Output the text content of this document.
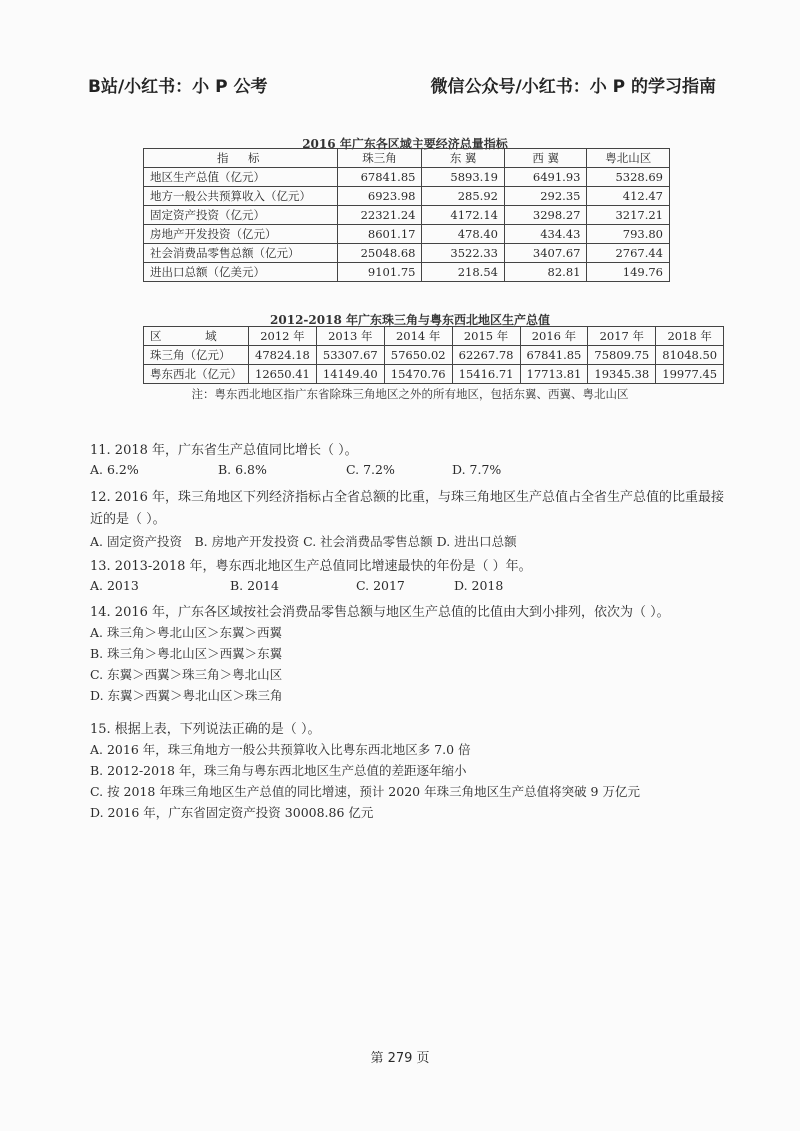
B站/小红书：小 P 公考	微信公众号/小红书：小 P 的学习指南
2016 年广东各区域主要经济总量指标
指　标	珠三角	东 翼	西 翼	粤北山区
地区生产总值（亿元）	67841.85	5893.19	6491.93	5328.69
地方一般公共预算收入（亿元）	6923.98	285.92	292.35	412.47
固定资产投资（亿元）	22321.24	4172.14	3298.27	3217.21
房地产开发投资（亿元）	8601.17	478.40	434.43	793.80
社会消费品零售总额（亿元）	25048.68	3522.33	3407.67	2767.44
进出口总额（亿美元）	9101.75	218.54	82.81	149.76
2012-2018 年广东珠三角与粤东西北地区生产总值
区 域	2012 年	2013 年	2014 年	2015 年	2016 年	2017 年	2018 年
珠三角（亿元）	47824.18	53307.67	57650.02	62267.78	67841.85	75809.75	81048.50
粤东西北（亿元）	12650.41	14149.40	15470.76	15416.71	17713.81	19345.38	19977.45
注：粤东西北地区指广东省除珠三角地区之外的所有地区，包括东翼、西翼、粤北山区
11. 2018 年，广东省生产总值同比增长（ ）。
A. 6.2%	B. 6.8%	C. 7.2%	D. 7.7%
12. 2016 年，珠三角地区下列经济指标占全省总额的比重，与珠三角地区生产总值占全省生产总值的比重最接近的是（ ）。
A. 固定资产投资　B. 房地产开发投资 C. 社会消费品零售总额 D. 进出口总额
13. 2013-2018 年，粤东西北地区生产总值同比增速最快的年份是（ ）年。
A. 2013	B. 2014	C. 2017	D. 2018
14. 2016 年，广东各区域按社会消费品零售总额与地区生产总值的比值由大到小排列，依次为（ ）。
A. 珠三角＞粤北山区＞东翼＞西翼
B. 珠三角＞粤北山区＞西翼＞东翼
C. 东翼＞西翼＞珠三角＞粤北山区
D. 东翼＞西翼＞粤北山区＞珠三角
15. 根据上表，下列说法正确的是（ ）。
A. 2016 年，珠三角地方一般公共预算收入比粤东西北地区多 7.0 倍
B. 2012-2018 年，珠三角与粤东西北地区生产总值的差距逐年缩小
C. 按 2018 年珠三角地区生产总值的同比增速，预计 2020 年珠三角地区生产总值将突破 9 万亿元
D. 2016 年，广东省固定资产投资 30008.86 亿元
第 279 页
